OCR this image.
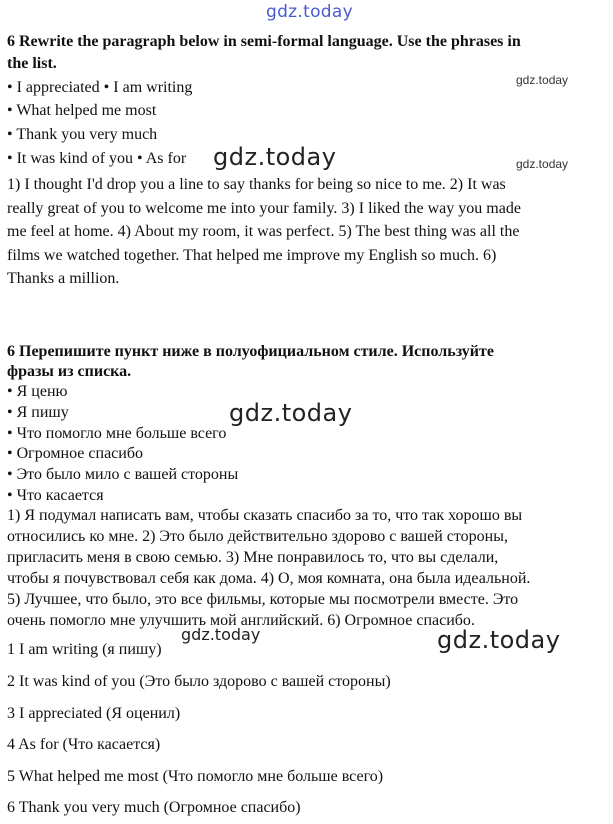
gdz.today
gdz.today
gdz.today
gdz.today
gdz.today
gdz.today
gdz.today
6 Rewrite the paragraph below in semi-formal language. Use the phrases in
the list.
• I appreciated • I am writing
• What helped me most
• Thank you very much
• It was kind of you • As for
1) I thought I'd drop you a line to say thanks for being so nice to me. 2) It was
really great of you to welcome me into your family. 3) I liked the way you made
me feel at home. 4) About my room, it was perfect. 5) The best thing was all the
films we watched together. That helped me improve my English so much. 6)
Thanks a million.
6 Перепишите пункт ниже в полуофициальном стиле. Используйте
фразы из списка.
• Я ценю
• Я пишу
• Что помогло мне больше всего
• Огромное спасибо
• Это было мило с вашей стороны
• Что касается
1) Я подумал написать вам, чтобы сказать спасибо за то, что так хорошо вы
относились ко мне. 2) Это было действительно здорово с вашей стороны,
пригласить меня в свою семью. 3) Мне понравилось то, что вы сделали,
чтобы я почувствовал себя как дома. 4) О, моя комната, она была идеальной.
5) Лучшее, что было, это все фильмы, которые мы посмотрели вместе. Это
очень помогло мне улучшить мой английский. 6) Огромное спасибо.
1 I am writing (я пишу)
2 It was kind of you (Это было здорово с вашей стороны)
3 I appreciated (Я оценил)
4 As for (Что касается)
5 What helped me most (Что помогло мне больше всего)
6 Thank you very much (Огромное спасибо)
